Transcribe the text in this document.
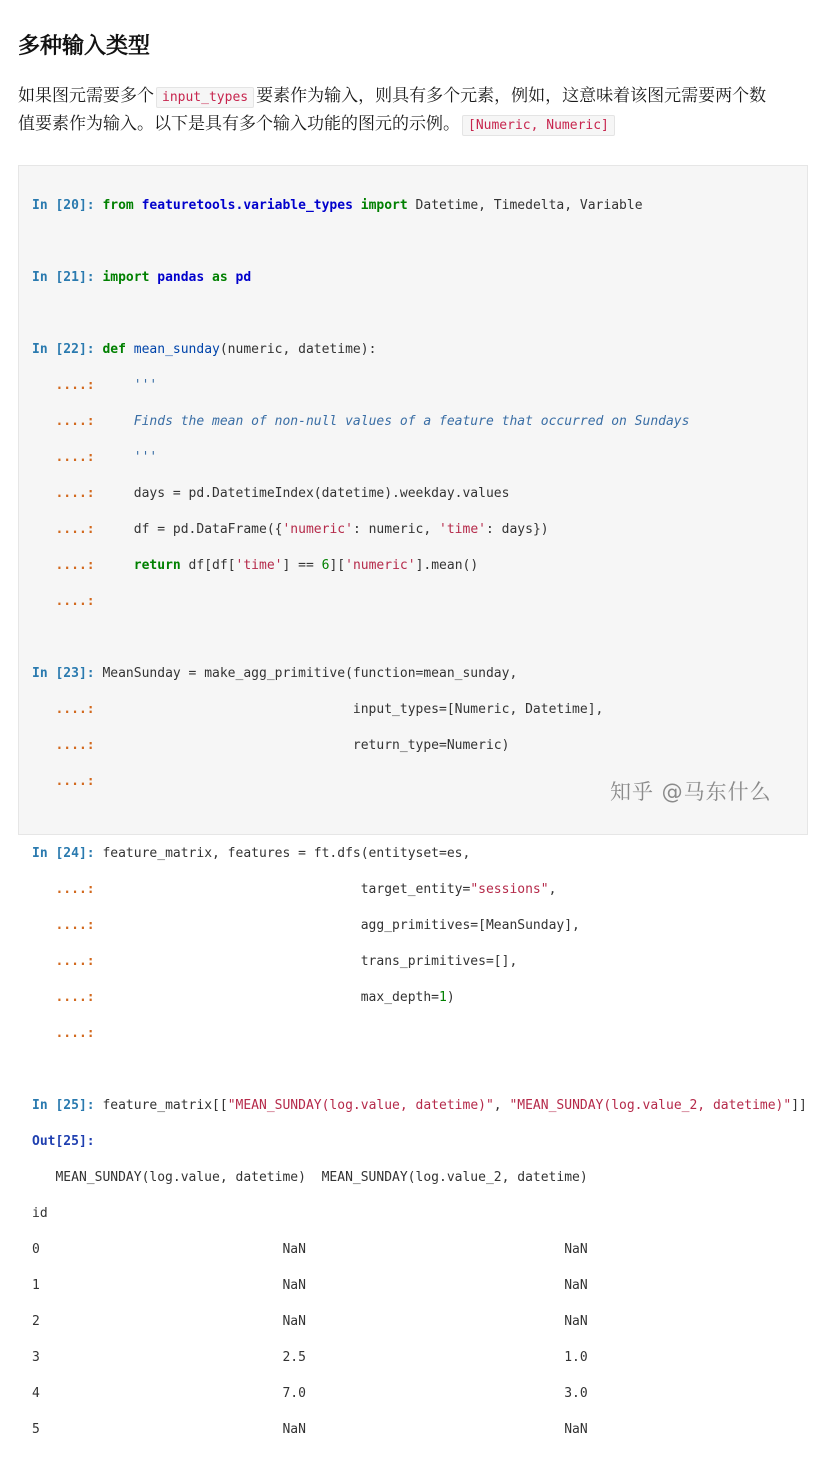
多种输入类型
如果图元需要多个 input_types 要素作为输入，则具有多个元素，例如，这意味着该图元需要两个数
值要素作为输入。以下是具有多个输入功能的图元的示例。 [Numeric, Numeric]

In [20]: from featuretools.variable_types import Datetime, Timedelta, Variable

In [21]: import pandas as pd

In [22]: def mean_sunday(numeric, datetime):

....:	'''

....:	Finds the mean of non-null values of a feature that occurred on Sundays

....:	'''

....:	days = pd.DatetimeIndex(datetime).weekday.values

....:	df = pd.DataFrame({'numeric': numeric, 'time': days})

....:	return df[df['time'] == 6]['numeric'].mean()

....:

In [23]: MeanSunday = make_agg_primitive(function=mean_sunday,

....:                                 input_types=[Numeric, Datetime],

....:                                 return_type=Numeric)

....:

In [24]: feature_matrix, features = ft.dfs(entityset=es,

....:                                  target_entity="sessions",

....:                                  agg_primitives=[MeanSunday],

....:                                  trans_primitives=[],

....:                                  max_depth=1)

....:

In [25]: feature_matrix[["MEAN_SUNDAY(log.value, datetime)", "MEAN_SUNDAY(log.value_2, datetime)"]]

Out[25]:

MEAN_SUNDAY(log.value, datetime)  MEAN_SUNDAY(log.value_2, datetime)

id

0                               NaN                                 NaN

1                               NaN                                 NaN

2                               NaN                                 NaN

3                               2.5                                 1.0

4                               7.0                                 3.0

5                               NaN                                 NaN

知乎 @马东什么
